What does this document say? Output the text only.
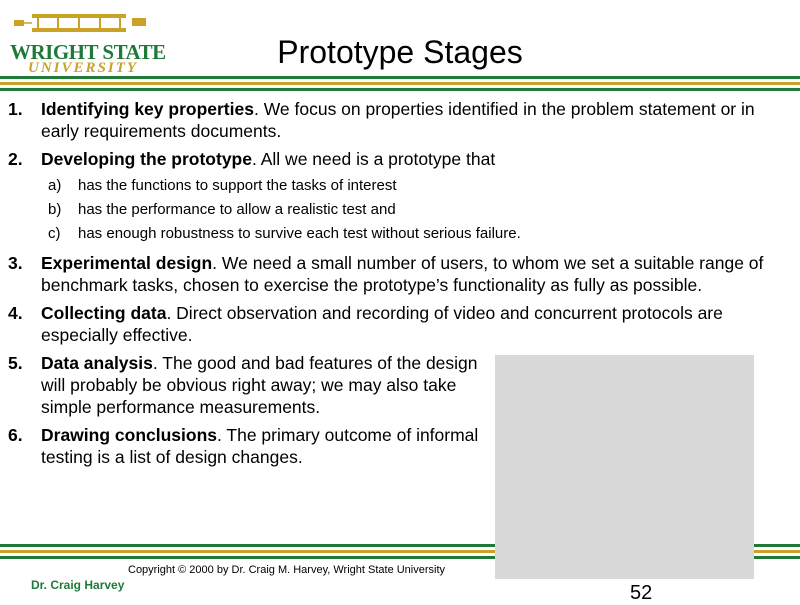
WRIGHT STATE
UNIVERSITY	Prototype Stages
1. Identifying key properties. We focus on properties identified in the problem statement or in early requirements documents.
2. Developing the prototype. All we need is a prototype that
a) has the functions to support the tasks of interest
b) has the performance to allow a realistic test and
c) has enough robustness to survive each test without serious failure.
3. Experimental design. We need a small number of users, to whom we set a suitable range of benchmark tasks, chosen to exercise the prototype’s functionality as fully as possible.
4. Collecting data. Direct observation and recording of video and concurrent protocols are especially effective.
5. Data analysis. The good and bad features of the design will probably be obvious right away; we may also take simple performance measurements.
6. Drawing conclusions. The primary outcome of informal testing is a list of design changes.
Copyright © 2000 by Dr. Craig M. Harvey, Wright State University
Dr. Craig Harvey	52
